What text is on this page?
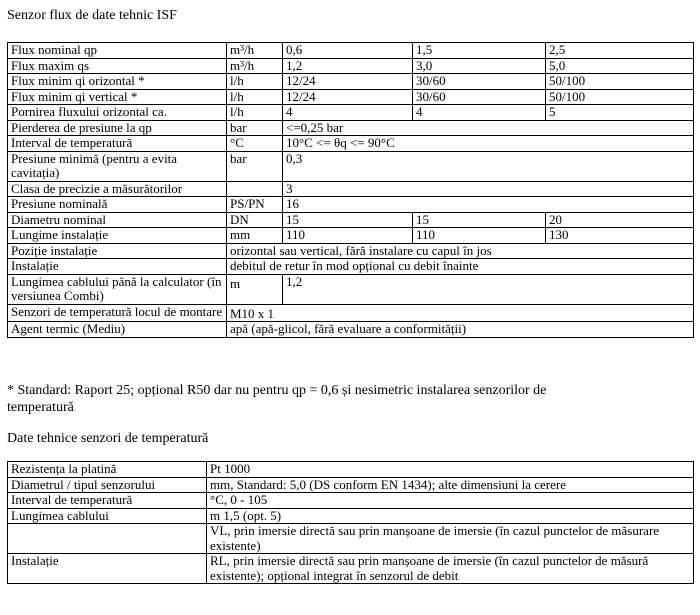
Senzor flux de date tehnic ISF
Flux nominal qp	m³/h	0,6	1,5	2,5
Flux maxim qs	m³/h	1,2	3,0	5,0
Flux minim qi orizontal *	l/h	12/24	30/60	50/100
Flux minim qi vertical *	l/h	12/24	30/60	50/100
Pornirea fluxului orizontal ca.	l/h	4	4	5
Pierderea de presiune la qp	bar	<=0,25 bar		
Interval de temperatură	°C	10°C <= θq <= 90°C		
Presiune minimă (pentru a evita cavitația)	bar	0,3		
Clasa de precizie a măsurătorilor		3		
Presiune nominală	PS/PN	16		
Diametru nominal	DN	15	15	20
Lungime instalație	mm	110	110	130
Poziție instalație	orizontal sau vertical, fără instalare cu capul în jos			
Instalație	debitul de retur în mod opțional cu debit înainte			
Lungimea cablului până la calculator (în versiunea Combi)	m	1,2		
Senzori de temperatură locul de montare	M10 x 1			

Agent termic (Mediu)	apă (apă-glicol, fără evaluare a conformității)			
* Standard: Raport 25; opțional R50 dar nu pentru qp = 0,6 și nesimetric instalarea senzorilor de temperatură
Date tehnice senzori de temperatură
Rezistența la platină	Pt 1000
Diametrul / tipul senzorului	mm, Standard: 5,0 (DS conform EN 1434); alte dimensiuni la cerere
Interval de temperatură	°C, 0 - 105
Lungimea cablului	m 1,5 (opt. 5)
	VL, prin imersie directă sau prin manșoane de imersie (în cazul punctelor de măsurare existente)
Instalație	RL, prin imersie directă sau prin manșoane de imersie (în cazul punctelor de măsură existente); opțional integrat în senzorul de debit
